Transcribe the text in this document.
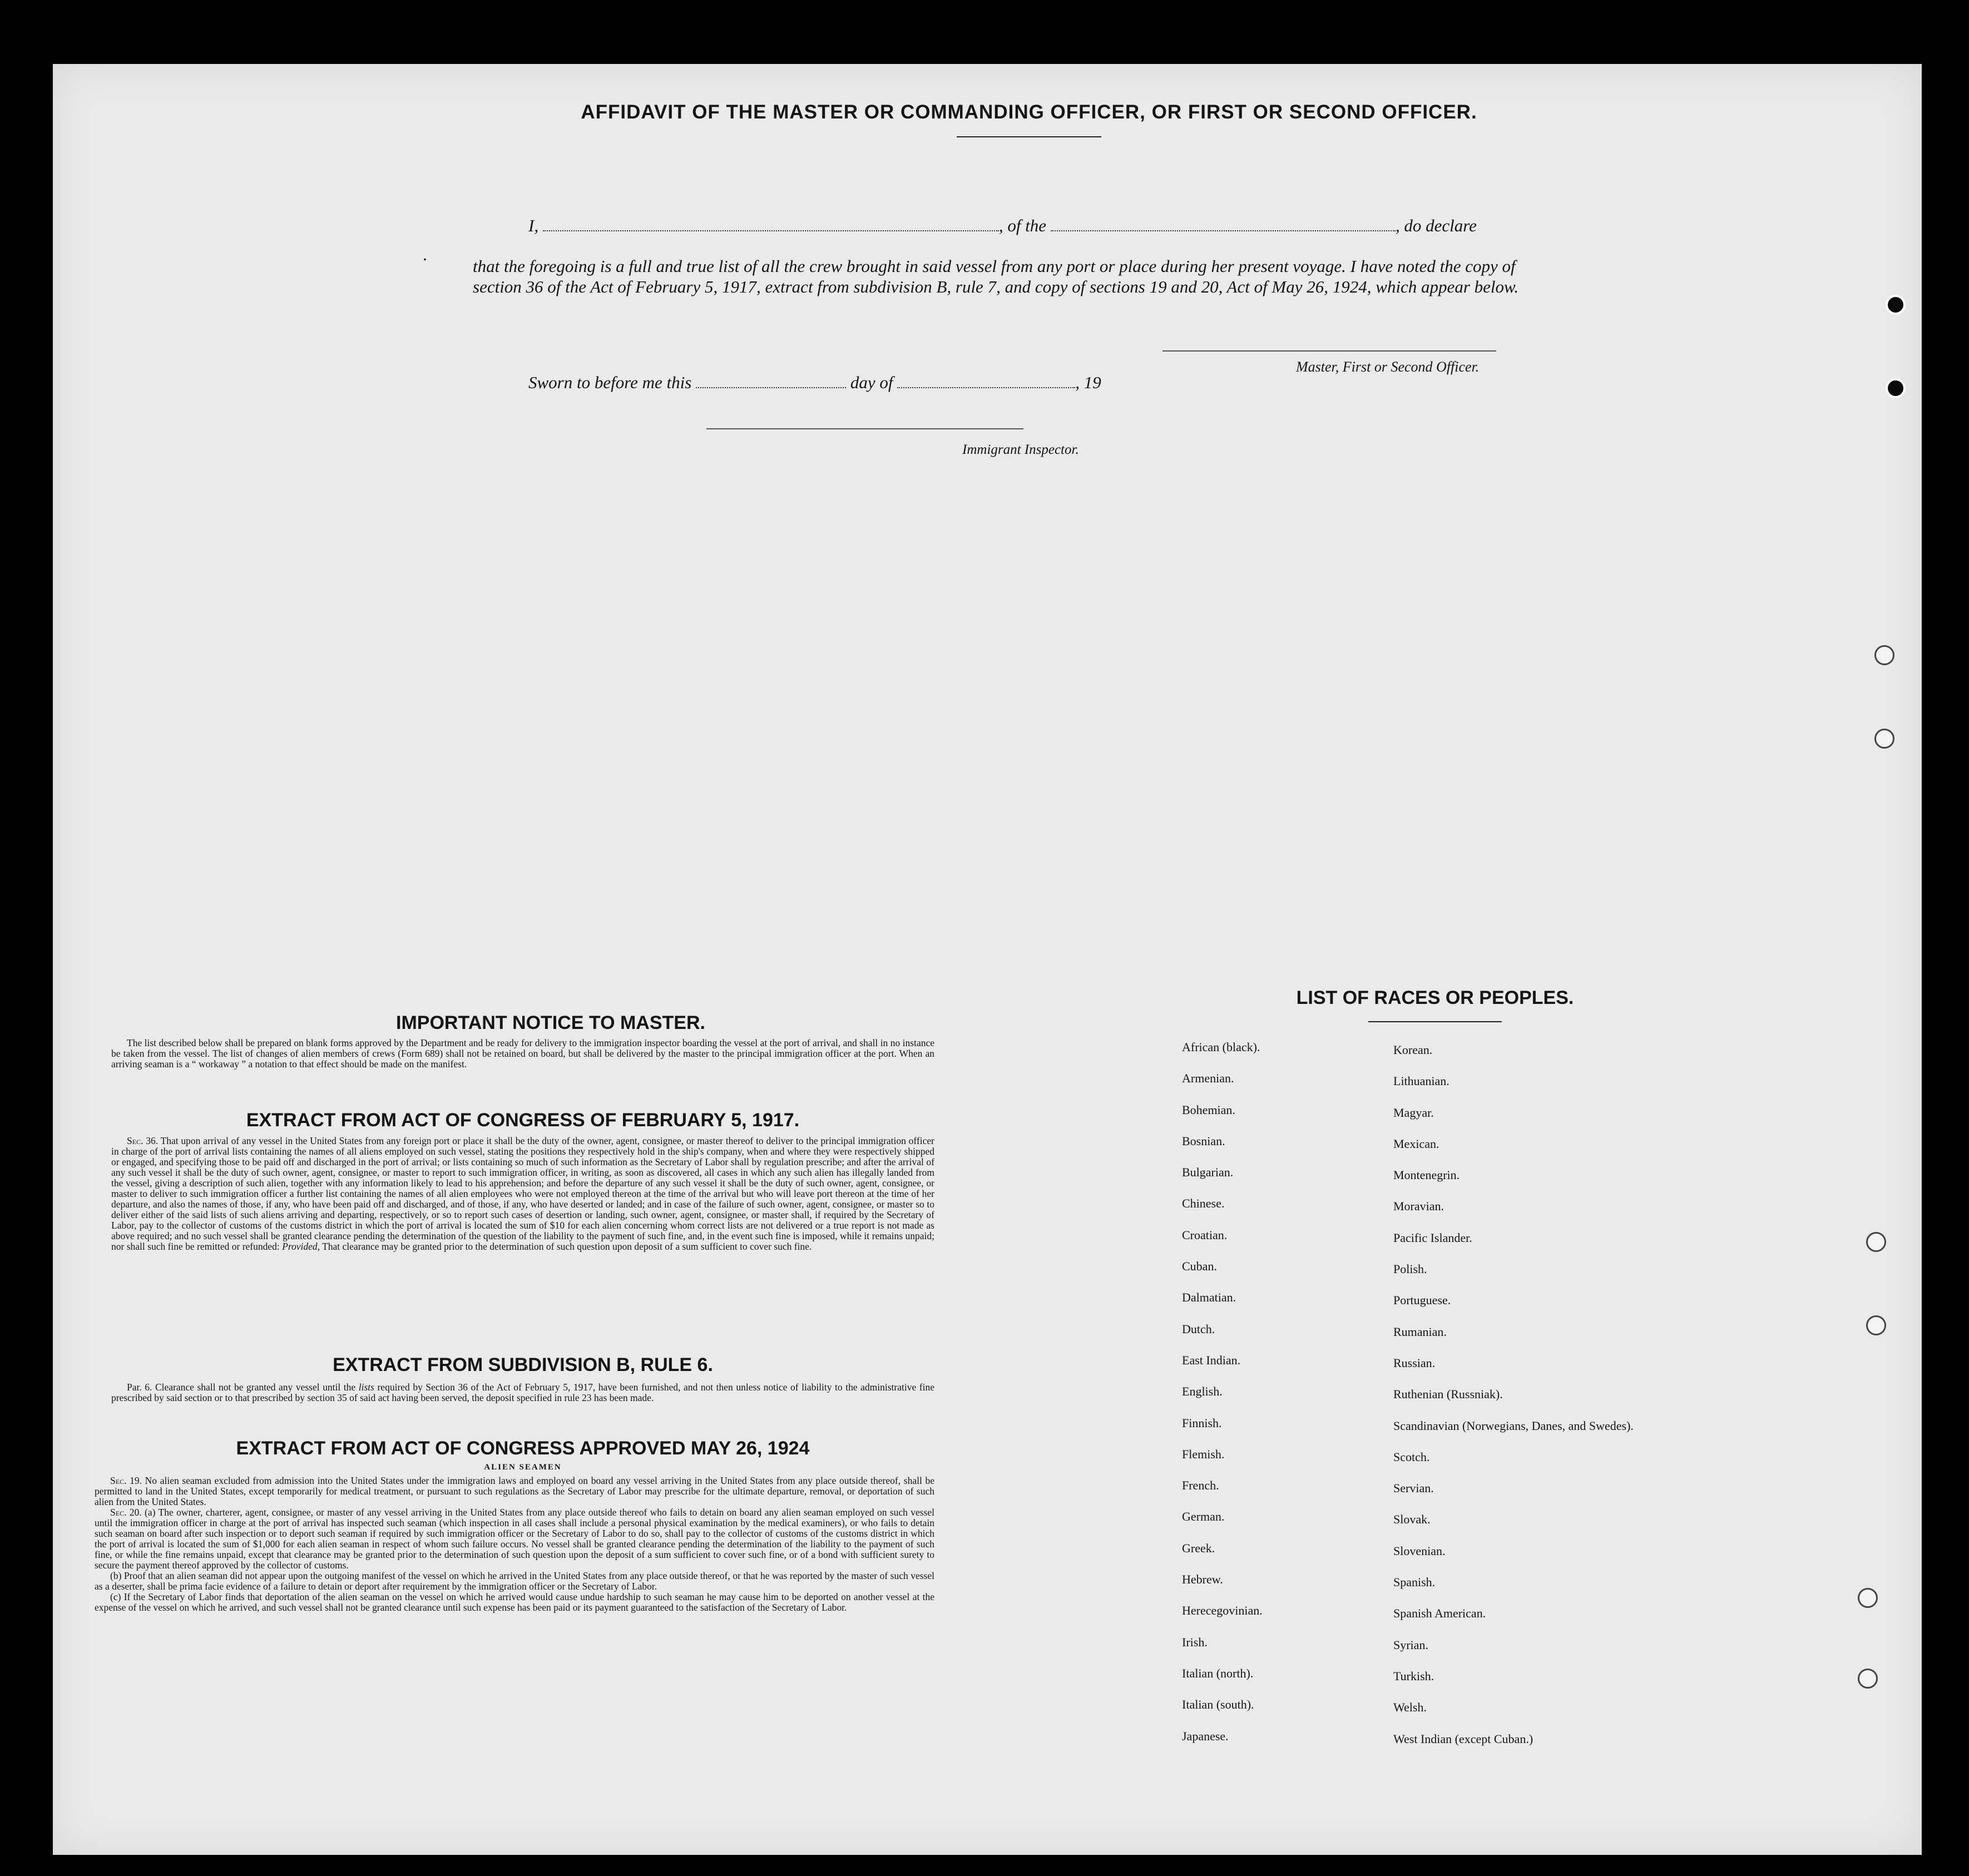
AFFIDAVIT OF THE MASTER OR COMMANDING OFFICER, OR FIRST OR SECOND OFFICER.
I,	, of the	, do declare
.
that the foregoing is a full and true list of all the crew brought in said vessel from any port or place during her present voyage. I have noted the copy of section 36 of the Act of February 5, 1917, extract from subdivision B, rule 7, and copy of sections 19 and 20, Act of May 26, 1924, which appear below.
Master, First or Second Officer.
Sworn to before me this	day of	, 19
Immigrant Inspector.
IMPORTANT NOTICE TO MASTER.

The list described below shall be prepared on blank forms approved by the Department and be ready for delivery to the immigration inspector boarding the vessel at the port of arrival, and shall in no instance be taken from the vessel. The list of changes of alien members of crews (Form 689) shall not be retained on board, but shall be delivered by the master to the principal immigration officer at the port. When an arriving seaman is a “ workaway ” a notation to that effect should be made on the manifest.

EXTRACT FROM ACT OF CONGRESS OF FEBRUARY 5, 1917.

Sec. 36. That upon arrival of any vessel in the United States from any foreign port or place it shall be the duty of the owner, agent, consignee, or master thereof to deliver to the principal immigration officer in charge of the port of arrival lists containing the names of all aliens employed on such vessel, stating the positions they respectively hold in the ship's company, when and where they were respectively shipped or engaged, and specifying those to be paid off and discharged in the port of arrival; or lists containing so much of such information as the Secretary of Labor shall by regulation prescribe; and after the arrival of any such vessel it shall be the duty of such owner, agent, consignee, or master to report to such immigration officer, in writing, as soon as discovered, all cases in which any such alien has illegally landed from the vessel, giving a description of such alien, together with any information likely to lead to his apprehension; and before the departure of any such vessel it shall be the duty of such owner, agent, consignee, or master to deliver to such immigration officer a further list containing the names of all alien employees who were not employed thereon at the time of the arrival but who will leave port thereon at the time of her departure, and also the names of those, if any, who have been paid off and discharged, and of those, if any, who have deserted or landed; and in case of the failure of such owner, agent, consignee, or master so to deliver either of the said lists of such aliens arriving and departing, respectively, or so to report such cases of desertion or landing, such owner, agent, consignee, or master shall, if required by the Secretary of Labor, pay to the collector of customs of the customs district in which the port of arrival is located the sum of $10 for each alien concerning whom correct lists are not delivered or a true report is not made as above required; and no such vessel shall be granted clearance pending the determination of the question of the liability to the payment of such fine, and, in the event such fine is imposed, while it remains unpaid; nor shall such fine be remitted or refunded: Provided, That clearance may be granted prior to the determination of such question upon deposit of a sum sufficient to cover such fine.

EXTRACT FROM SUBDIVISION B, RULE 6.

Par. 6. Clearance shall not be granted any vessel until the lists required by Section 36 of the Act of February 5, 1917, have been furnished, and not then unless notice of liability to the administrative fine prescribed by said section or to that prescribed by section 35 of said act having been served, the deposit specified in rule 23 has been made.

EXTRACT FROM ACT OF CONGRESS APPROVED MAY 26, 1924
ALIEN SEAMEN

Sec. 19. No alien seaman excluded from admission into the United States under the immigration laws and employed on board any vessel arriving in the United States from any place outside thereof, shall be permitted to land in the United States, except temporarily for medical treatment, or pursuant to such regulations as the Secretary of Labor may prescribe for the ultimate departure, removal, or deportation of such alien from the United States.

Sec. 20. (a) The owner, charterer, agent, consignee, or master of any vessel arriving in the United States from any place outside thereof who fails to detain on board any alien seaman employed on such vessel until the immigration officer in charge at the port of arrival has inspected such seaman (which inspection in all cases shall include a personal physical examination by the medical examiners), or who fails to detain such seaman on board after such inspection or to deport such seaman if required by such immigration officer or the Secretary of Labor to do so, shall pay to the collector of customs of the customs district in which the port of arrival is located the sum of $1,000 for each alien seaman in respect of whom such failure occurs. No vessel shall be granted clearance pending the determination of the liability to the payment of such fine, or while the fine remains unpaid, except that clearance may be granted prior to the determination of such question upon the deposit of a sum sufficient to cover such fine, or of a bond with sufficient surety to secure the payment thereof approved by the collector of customs.

(b) Proof that an alien seaman did not appear upon the outgoing manifest of the vessel on which he arrived in the United States from any place outside thereof, or that he was reported by the master of such vessel as a deserter, shall be prima facie evidence of a failure to detain or deport after requirement by the immigration officer or the Secretary of Labor.

(c) If the Secretary of Labor finds that deportation of the alien seaman on the vessel on which he arrived would cause undue hardship to such seaman he may cause him to be deported on another vessel at the expense of the vessel on which he arrived, and such vessel shall not be granted clearance until such expense has been paid or its payment guaranteed to the satisfaction of the Secretary of Labor.

LIST OF RACES OR PEOPLES.
African (black).
Armenian.
Bohemian.
Bosnian.
Bulgarian.
Chinese.
Croatian.
Cuban.
Dalmatian.
Dutch.
East Indian.
English.
Finnish.
Flemish.
French.
German.
Greek.
Hebrew.
Herecegovinian.
Irish.
Italian (north).
Italian (south).
Japanese.
Korean.
Lithuanian.
Magyar.
Mexican.
Montenegrin.
Moravian.
Pacific Islander.
Polish.
Portuguese.
Rumanian.
Russian.
Ruthenian (Russniak).
Scandinavian (Norwegians, Danes, and Swedes).
Scotch.
Servian.
Slovak.
Slovenian.
Spanish.
Spanish American.
Syrian.
Turkish.
Welsh.
West Indian (except Cuban.)
